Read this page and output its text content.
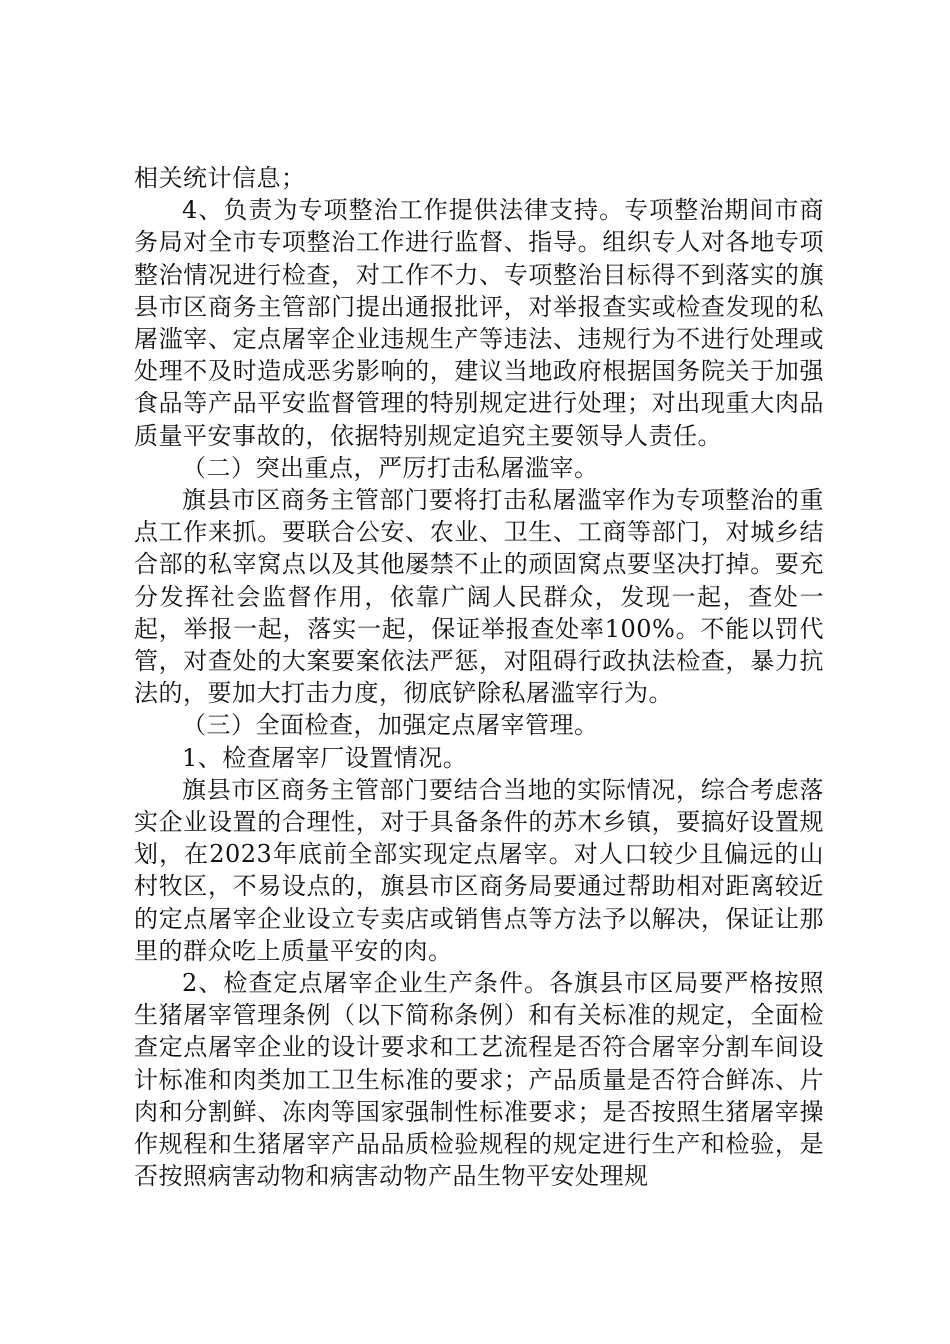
相关统计信息；

4、负责为专项整治工作提供法律支持。专项整治期间市商务局对全市专项整治工作进行监督、指导。组织专人对各地专项整治情况进行检查，对工作不力、专项整治目标得不到落实的旗县市区商务主管部门提出通报批评，对举报查实或检查发现的私屠滥宰、定点屠宰企业违规生产等违法、违规行为不进行处理或处理不及时造成恶劣影响的，建议当地政府根据国务院关于加强食品等产品平安监督管理的特别规定进行处理；对出现重大肉品质量平安事故的，依据特别规定追究主要领导人责任。

（二）突出重点，严厉打击私屠滥宰。

旗县市区商务主管部门要将打击私屠滥宰作为专项整治的重点工作来抓。要联合公安、农业、卫生、工商等部门，对城乡结合部的私宰窝点以及其他屡禁不止的顽固窝点要坚决打掉。要充分发挥社会监督作用，依靠广阔人民群众，发现一起，查处一起，举报一起，落实一起，保证举报查处率100%。不能以罚代管，对查处的大案要案依法严惩，对阻碍行政执法检查，暴力抗法的，要加大打击力度，彻底铲除私屠滥宰行为。

（三）全面检查，加强定点屠宰管理。

1、检查屠宰厂设置情况。

旗县市区商务主管部门要结合当地的实际情况，综合考虑落实企业设置的合理性，对于具备条件的苏木乡镇，要搞好设置规划，在2023年底前全部实现定点屠宰。对人口较少且偏远的山村牧区，不易设点的，旗县市区商务局要通过帮助相对距离较近的定点屠宰企业设立专卖店或销售点等方法予以解决，保证让那里的群众吃上质量平安的肉。

2、检查定点屠宰企业生产条件。各旗县市区局要严格按照生猪屠宰管理条例（以下简称条例）和有关标准的规定，全面检查定点屠宰企业的设计要求和工艺流程是否符合屠宰分割车间设计标准和肉类加工卫生标准的要求；产品质量是否符合鲜冻、片肉和分割鲜、冻肉等国家强制性标准要求；是否按照生猪屠宰操作规程和生猪屠宰产品品质检验规程的规定进行生产和检验，是否按照病害动物和病害动物产品生物平安处理规
